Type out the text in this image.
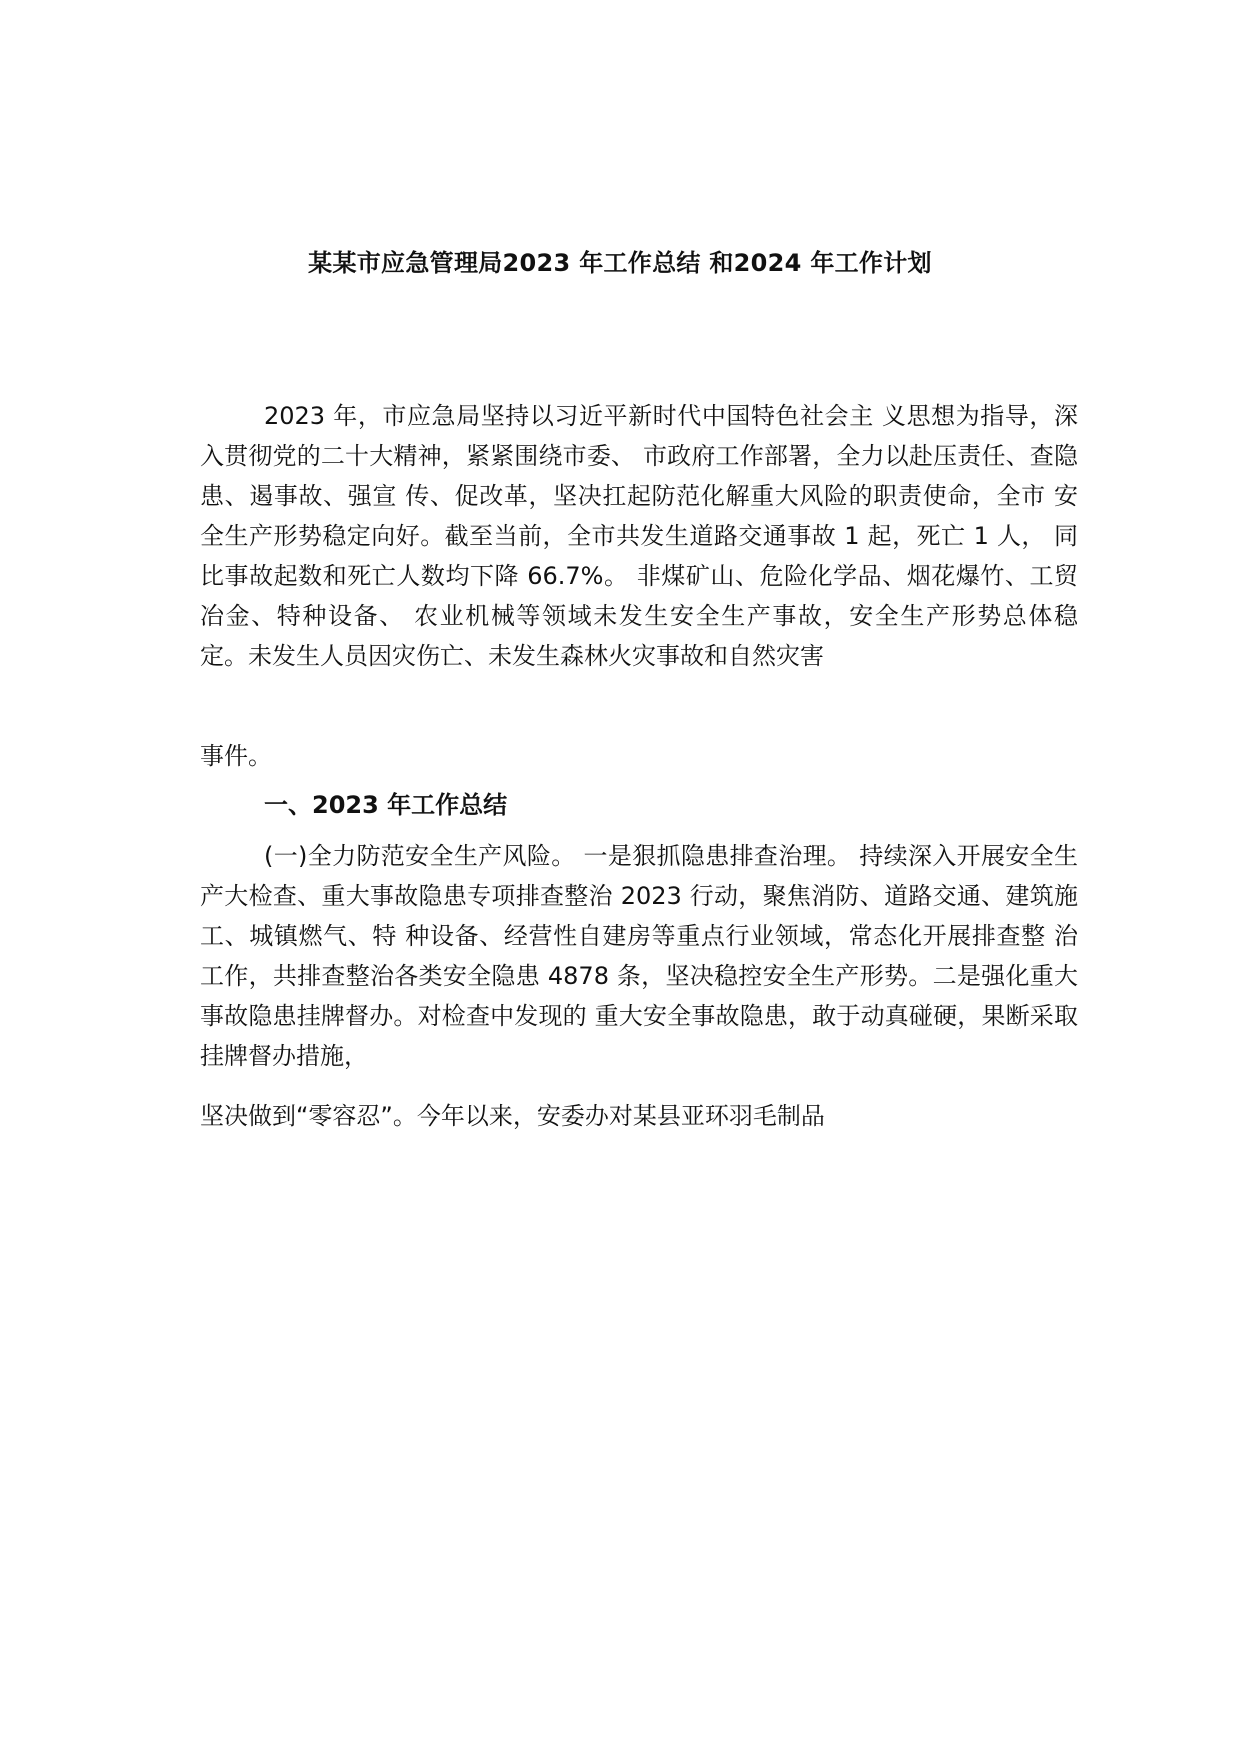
某某市应急管理局2023 年工作总结 和2024 年工作计划

2023 年，市应急局坚持以习近平新时代中国特色社会主 义思想为指导，深入贯彻党的二十大精神，紧紧围绕市委、 市政府工作部署，全力以赴压责任、查隐患、遏事故、强宣 传、促改革，坚决扛起防范化解重大风险的职责使命，全市 安全生产形势稳定向好。截至当前，全市共发生道路交通事故 1 起，死亡 1 人， 同比事故起数和死亡人数均下降 66.7%。 非煤矿山、危险化学品、烟花爆竹、工贸冶金、特种设备、 农业机械等领域未发生安全生产事故，安全生产形势总体稳 定。未发生人员因灾伤亡、未发生森林火灾事故和自然灾害

事件。

一、2023 年工作总结

(一)全力防范安全生产风险。 一是狠抓隐患排查治理。 持续深入开展安全生产大检查、重大事故隐患专项排查整治 2023 行动，聚焦消防、道路交通、建筑施工、城镇燃气、特 种设备、经营性自建房等重点行业领域，常态化开展排查整 治工作，共排查整治各类安全隐患 4878 条，坚决稳控安全生产形势。二是强化重大事故隐患挂牌督办。对检查中发现的 重大安全事故隐患，敢于动真碰硬，果断采取挂牌督办措施，

坚决做到“零容忍”。今年以来，安委办对某县亚环羽毛制品
